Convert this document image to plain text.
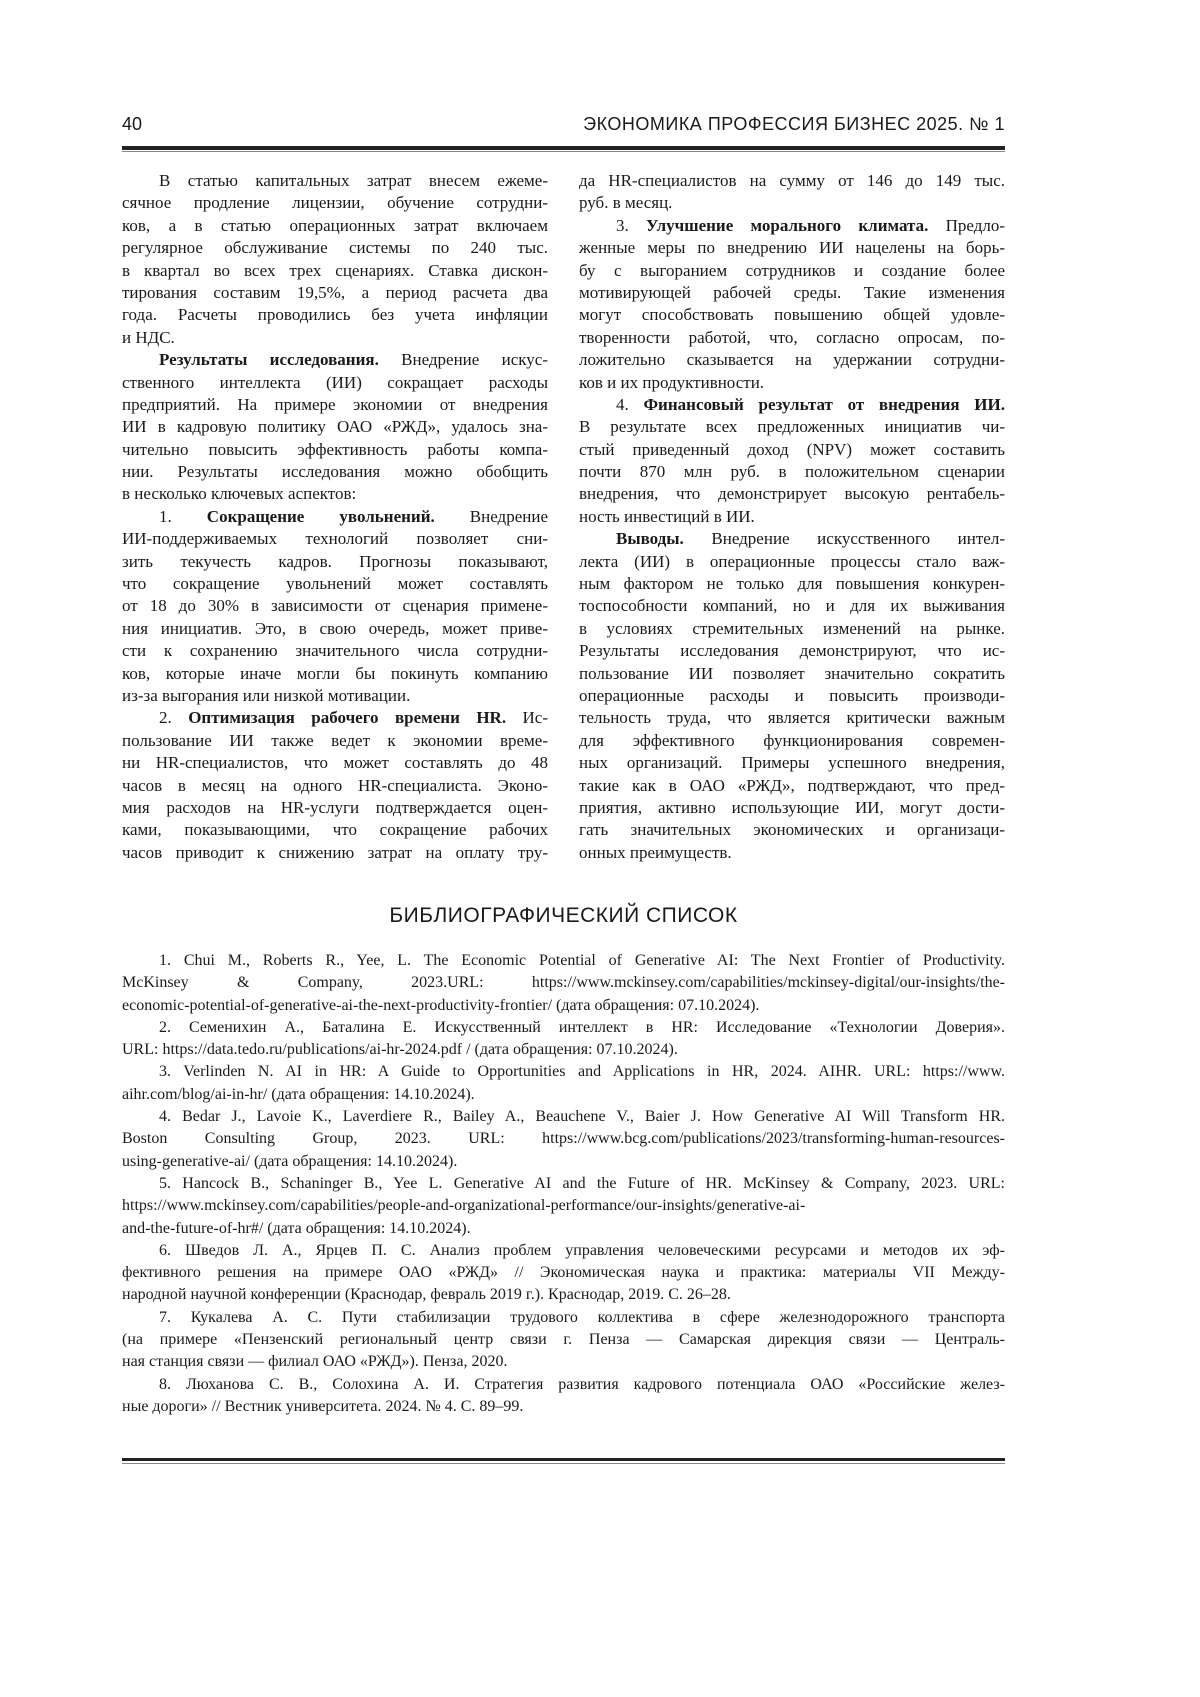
40	ЭКОНОМИКА ПРОФЕССИЯ БИЗНЕС 2025. № 1
В статью капитальных затрат внесем ежеме-
сячное продление лицензии, обучение сотрудни-
ков, а в статью операционных затрат включаем
регулярное обслуживание системы по 240 тыс.
в квартал во всех трех сценариях. Ставка дискон-
тирования составим 19,5%, а период расчета два
года. Расчеты проводились без учета инфляции
и НДС.
Результаты исследования. Внедрение искус-
ственного интеллекта (ИИ) сокращает расходы
предприятий. На примере экономии от внедрения
ИИ в кадровую политику ОАО «РЖД», удалось зна-
чительно повысить эффективность работы компа-
нии. Результаты исследования можно обобщить
в несколько ключевых аспектов:
1. Сокращение увольнений. Внедрение
ИИ-поддерживаемых технологий позволяет сни-
зить текучесть кадров. Прогнозы показывают,
что сокращение увольнений может составлять
от 18 до 30% в зависимости от сценария примене-
ния инициатив. Это, в свою очередь, может приве-
сти к сохранению значительного числа сотрудни-
ков, которые иначе могли бы покинуть компанию
из-за выгорания или низкой мотивации.
2. Оптимизация рабочего времени HR. Ис-
пользование ИИ также ведет к экономии време-
ни HR-специалистов, что может составлять до 48
часов в месяц на одного HR-специалиста. Эконо-
мия расходов на HR-услуги подтверждается оцен-
ками, показывающими, что сокращение рабочих
часов приводит к снижению затрат на оплату тру-
да HR-специалистов на сумму от 146 до 149 тыс.
руб. в месяц.
3. Улучшение морального климата. Предло-
женные меры по внедрению ИИ нацелены на борь-
бу с выгоранием сотрудников и создание более
мотивирующей рабочей среды. Такие изменения
могут способствовать повышению общей удовле-
творенности работой, что, согласно опросам, по-
ложительно сказывается на удержании сотрудни-
ков и их продуктивности.
4. Финансовый результат от внедрения ИИ.
В результате всех предложенных инициатив чи-
стый приведенный доход (NPV) может составить
почти 870 млн руб. в положительном сценарии
внедрения, что демонстрирует высокую рентабель-
ность инвестиций в ИИ.
Выводы. Внедрение искусственного интел-
лекта (ИИ) в операционные процессы стало важ-
ным фактором не только для повышения конкурен-
тоспособности компаний, но и для их выживания
в условиях стремительных изменений на рынке.
Результаты исследования демонстрируют, что ис-
пользование ИИ позволяет значительно сократить
операционные расходы и повысить производи-
тельность труда, что является критически важным
для эффективного функционирования современ-
ных организаций. Примеры успешного внедрения,
такие как в ОАО «РЖД», подтверждают, что пред-
приятия, активно использующие ИИ, могут дости-
гать значительных экономических и организаци-
онных преимуществ.
БИБЛИОГРАФИЧЕСКИЙ СПИСОК
1. Chui M., Roberts R., Yee, L. The Economic Potential of Generative AI: The Next Frontier of Productivity.
McKinsey & Company, 2023.URL: https://www.mckinsey.com/capabilities/mckinsey-digital/our-insights/the-
economic-potential-of-generative-ai-the-next-productivity-frontier/ (дата обращения: 07.10.2024).
2. Семенихин А., Баталина Е. Искусственный интеллект в HR: Исследование «Технологии Доверия».
URL: https://data.tedo.ru/publications/ai-hr-2024.pdf / (дата обращения: 07.10.2024).
3. Verlinden N. AI in HR: A Guide to Opportunities and Applications in HR, 2024. AIHR. URL: https://www.
aihr.com/blog/ai-in-hr/ (дата обращения: 14.10.2024).
4. Bedar J., Lavoie K., Laverdiere R., Bailey A., Beauchene V., Baier J. How Generative AI Will Transform HR.
Boston Consulting Group, 2023. URL: https://www.bcg.com/publications/2023/transforming-human-resources-
using-generative-ai/ (дата обращения: 14.10.2024).
5. Hancock B., Schaninger B., Yee L. Generative AI and the Future of HR. McKinsey & Company, 2023. URL:
https://www.mckinsey.com/capabilities/people-and-organizational-performance/our-insights/generative-ai-
and-the-future-of-hr#/ (дата обращения: 14.10.2024).
6. Шведов Л. А., Ярцев П. С. Анализ проблем управления человеческими ресурсами и методов их эф-
фективного решения на примере ОАО «РЖД» // Экономическая наука и практика: материалы VII Между-
народной научной конференции (Краснодар, февраль 2019 г.). Краснодар, 2019. С. 26–28.
7. Кукалева А. С. Пути стабилизации трудового коллектива в сфере железнодорожного транспорта
(на примере «Пензенский региональный центр связи г. Пенза — Самарская дирекция связи — Централь-
ная станция связи — филиал ОАО «РЖД»). Пенза, 2020.
8. Люханова С. В., Солохина А. И. Стратегия развития кадрового потенциала ОАО «Российские желез-
ные дороги» // Вестник университета. 2024. № 4. С. 89–99.
